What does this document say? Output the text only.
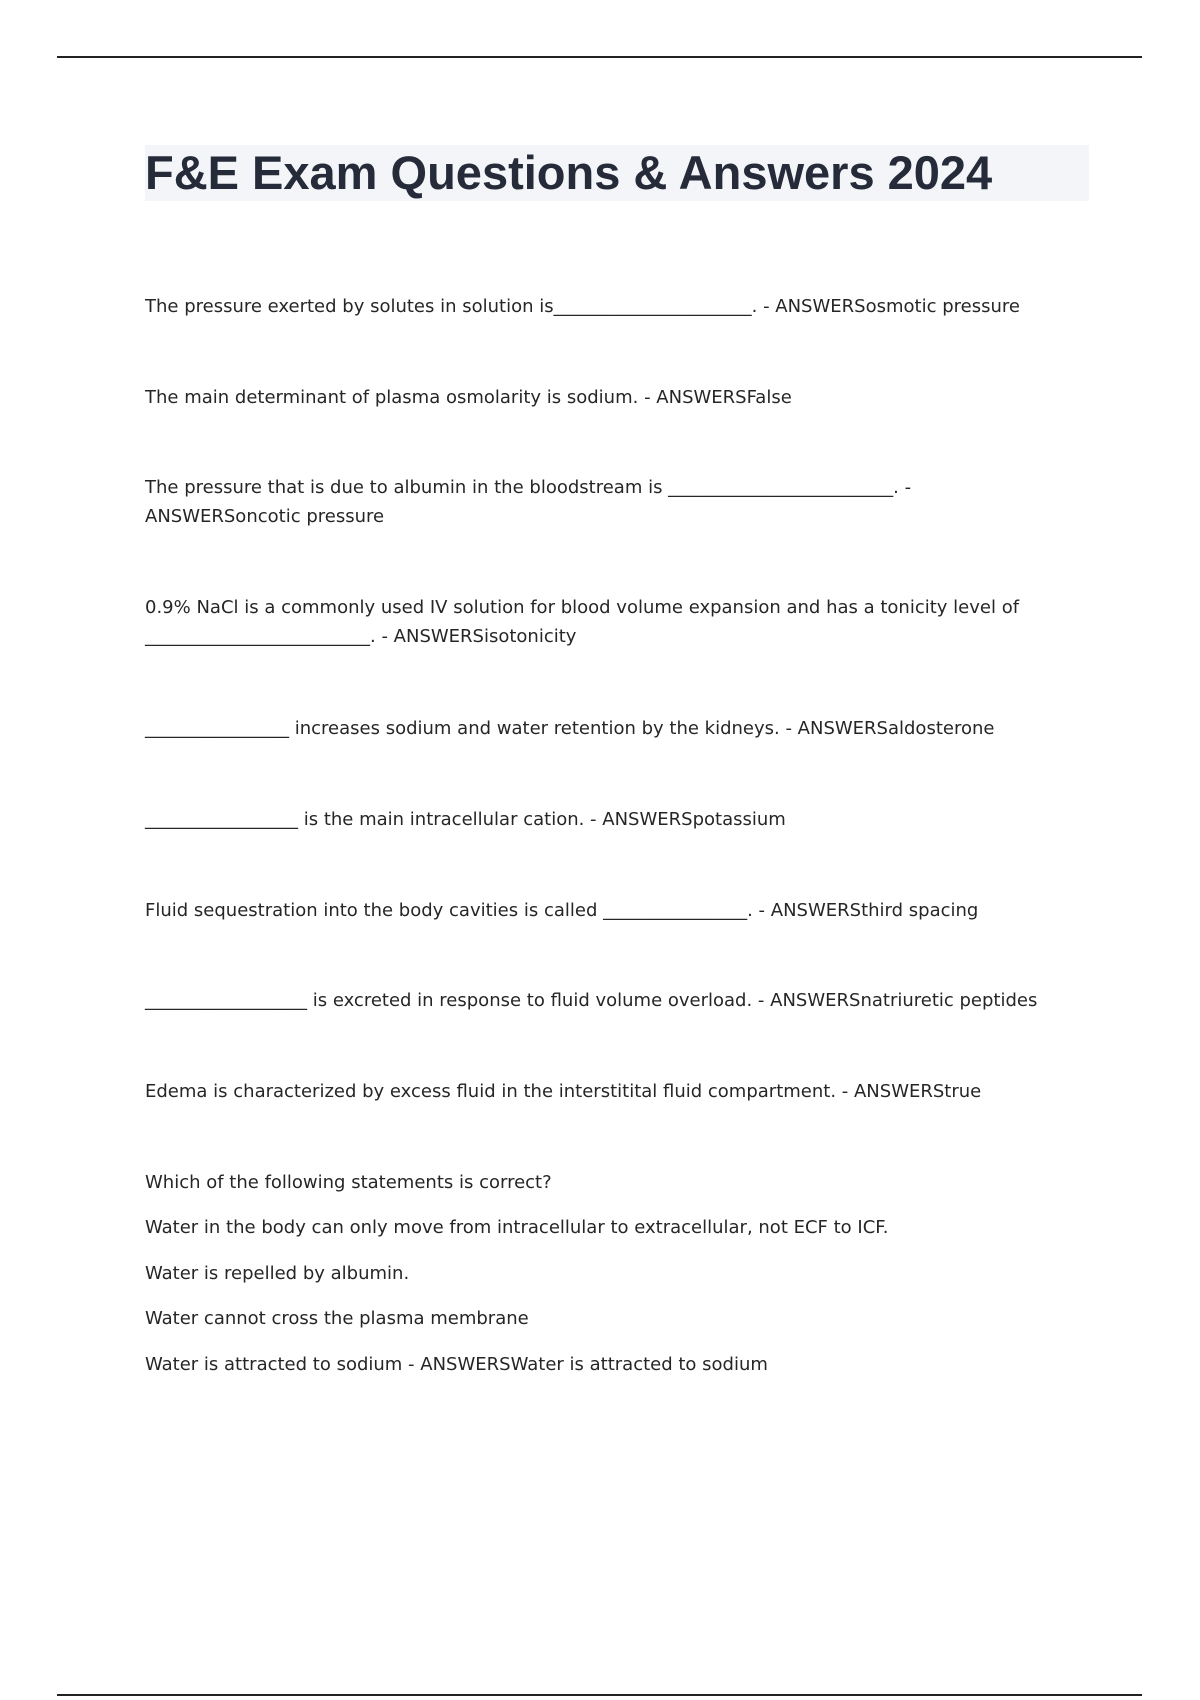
F&E Exam Questions & Answers 2024

The pressure exerted by solutes in solution is______________________. - ANSWERSosmotic pressure

The main determinant of plasma osmolarity is sodium. - ANSWERSFalse

The pressure that is due to albumin in the bloodstream is _________________________. -
ANSWERSoncotic pressure

0.9% NaCl is a commonly used IV solution for blood volume expansion and has a tonicity level of
_________________________. - ANSWERSisotonicity

________________ increases sodium and water retention by the kidneys. - ANSWERSaldosterone

_________________ is the main intracellular cation. - ANSWERSpotassium

Fluid sequestration into the body cavities is called ________________. - ANSWERSthird spacing

__________________ is excreted in response to fluid volume overload. - ANSWERSnatriuretic peptides

Edema is characterized by excess fluid in the interstitital fluid compartment. - ANSWERStrue

Which of the following statements is correct?

Water in the body can only move from intracellular to extracellular, not ECF to ICF.

Water is repelled by albumin.

Water cannot cross the plasma membrane

Water is attracted to sodium - ANSWERSWater is attracted to sodium
